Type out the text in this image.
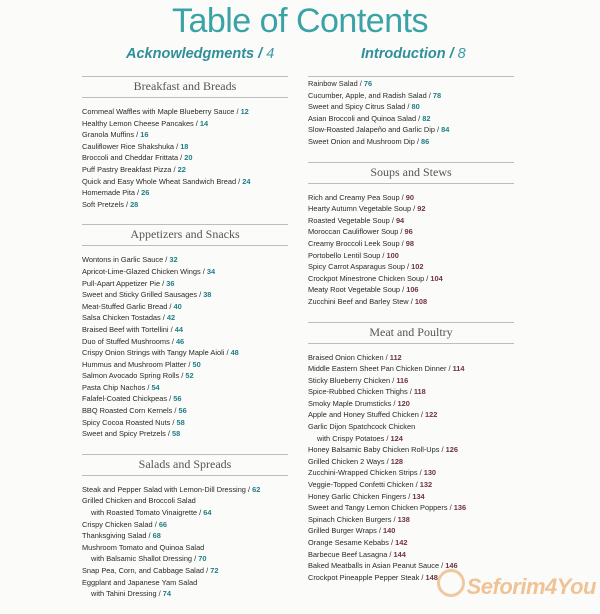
Table of Contents
Acknowledgments / 4	Introduction / 8
Breakfast and Breads
Cornmeal Waffles with Maple Blueberry Sauce / 12
Healthy Lemon Cheese Pancakes / 14
Granola Muffins / 16
Cauliflower Rice Shakshuka / 18
Broccoli and Cheddar Frittata / 20
Puff Pastry Breakfast Pizza / 22
Quick and Easy Whole Wheat Sandwich Bread / 24
Homemade Pita / 26
Soft Pretzels / 28
Appetizers and Snacks
Wontons in Garlic Sauce / 32
Apricot-Lime-Glazed Chicken Wings / 34
Pull-Apart Appetizer Pie / 36
Sweet and Sticky Grilled Sausages / 38
Meat-Stuffed Garlic Bread / 40
Salsa Chicken Tostadas / 42
Braised Beef with Tortellini / 44
Duo of Stuffed Mushrooms / 46
Crispy Onion Strings with Tangy Maple Aioli / 48
Hummus and Mushroom Platter / 50
Salmon Avocado Spring Rolls / 52
Pasta Chip Nachos / 54
Falafel-Coated Chickpeas / 56
BBQ Roasted Corn Kernels / 56
Spicy Cocoa Roasted Nuts / 58
Sweet and Spicy Pretzels / 58
Salads and Spreads
Steak and Pepper Salad with Lemon-Dill Dressing / 62
Grilled Chicken and Broccoli Salad
with Roasted Tomato Vinaigrette / 64
Crispy Chicken Salad / 66
Thanksgiving Salad / 68
Mushroom Tomato and Quinoa Salad
with Balsamic Shallot Dressing / 70
Snap Pea, Corn, and Cabbage Salad / 72
Eggplant and Japanese Yam Salad
with Tahini Dressing / 74
Rainbow Salad / 76
Cucumber, Apple, and Radish Salad / 78
Sweet and Spicy Citrus Salad / 80
Asian Broccoli and Quinoa Salad / 82
Slow-Roasted Jalapeño and Garlic Dip / 84
Sweet Onion and Mushroom Dip / 86
Soups and Stews
Rich and Creamy Pea Soup / 90
Hearty Autumn Vegetable Soup / 92
Roasted Vegetable Soup / 94
Moroccan Cauliflower Soup / 96
Creamy Broccoli Leek Soup / 98
Portobello Lentil Soup / 100
Spicy Carrot Asparagus Soup / 102
Crockpot Minestrone Chicken Soup / 104
Meaty Root Vegetable Soup / 106
Zucchini Beef and Barley Stew / 108
Meat and Poultry
Braised Onion Chicken / 112
Middle Eastern Sheet Pan Chicken Dinner / 114
Sticky Blueberry Chicken / 116
Spice-Rubbed Chicken Thighs / 118
Smoky Maple Drumsticks / 120
Apple and Honey Stuffed Chicken / 122
Garlic Dijon Spatchcock Chicken
with Crispy Potatoes / 124
Honey Balsamic Baby Chicken Roll-Ups / 126
Grilled Chicken 2 Ways / 128
Zucchini-Wrapped Chicken Strips / 130
Veggie-Topped Confetti Chicken / 132
Honey Garlic Chicken Fingers / 134
Sweet and Tangy Lemon Chicken Poppers / 136
Spinach Chicken Burgers / 138
Grilled Burger Wraps / 140
Orange Sesame Kebabs / 142
Barbecue Beef Lasagna / 144
Baked Meatballs in Asian Peanut Sauce / 146
Crockpot Pineapple Pepper Steak / 148	Seforim4You
